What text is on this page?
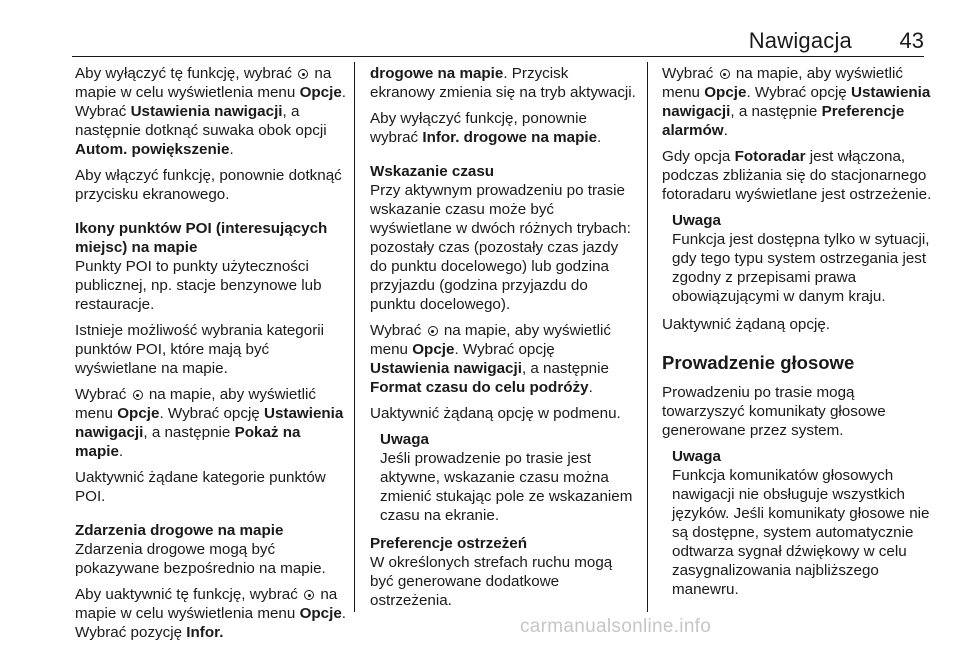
Nawigacja 43

Aby wyłączyć tę funkcję, wybrać na mapie w celu wyświetlenia menu Opcje. Wybrać Ustawienia nawigacji, a następnie dotknąć suwaka obok opcji Autom. powiększenie.

Aby włączyć funkcję, ponownie dotknąć przycisku ekranowego.

Ikony punktów POI (interesujących miejsc) na mapie

Punkty POI to punkty użyteczności publicznej, np. stacje benzynowe lub restauracje.

Istnieje możliwość wybrania kategorii punktów POI, które mają być wyświetlane na mapie.

Wybrać na mapie, aby wyświetlić menu Opcje. Wybrać opcję Ustawienia nawigacji, a następnie Pokaż na mapie.

Uaktywnić żądane kategorie punktów POI.

Zdarzenia drogowe na mapie

Zdarzenia drogowe mogą być pokazywane bezpośrednio na mapie.

Aby uaktywnić tę funkcję, wybrać na mapie w celu wyświetlenia menu Opcje. Wybrać pozycję Infor.

drogowe na mapie. Przycisk ekranowy zmienia się na tryb aktywacji.

Aby wyłączyć funkcję, ponownie wybrać Infor. drogowe na mapie.

Wskazanie czasu

Przy aktywnym prowadzeniu po trasie wskazanie czasu może być wyświetlane w dwóch różnych trybach: pozostały czas (pozostały czas jazdy do punktu docelowego) lub godzina przyjazdu (godzina przyjazdu do punktu docelowego).

Wybrać na mapie, aby wyświetlić menu Opcje. Wybrać opcję Ustawienia nawigacji, a następnie Format czasu do celu podróży.

Uaktywnić żądaną opcję w podmenu.

Uwaga
Jeśli prowadzenie po trasie jest aktywne, wskazanie czasu można zmienić stukając pole ze wskazaniem czasu na ekranie.
Preferencje ostrzeżeń

W określonych strefach ruchu mogą być generowane dodatkowe ostrzeżenia.

Wybrać na mapie, aby wyświetlić menu Opcje. Wybrać opcję Ustawienia nawigacji, a następnie Preferencje alarmów.

Gdy opcja Fotoradar jest włączona, podczas zbliżania się do stacjonarnego fotoradaru wyświetlane jest ostrzeżenie.

Uwaga
Funkcja jest dostępna tylko w sytuacji, gdy tego typu system ostrzegania jest zgodny z przepisami prawa obowiązującymi w danym kraju.

Uaktywnić żądaną opcję.

Prowadzenie głosowe

Prowadzeniu po trasie mogą towarzyszyć komunikaty głosowe generowane przez system.

Uwaga
Funkcja komunikatów głosowych nawigacji nie obsługuje wszystkich języków. Jeśli komunikaty głosowe nie są dostępne, system automatycznie odtwarza sygnał dźwiękowy w celu zasygnalizowania najbliższego manewru.
carmanualsonline.info
